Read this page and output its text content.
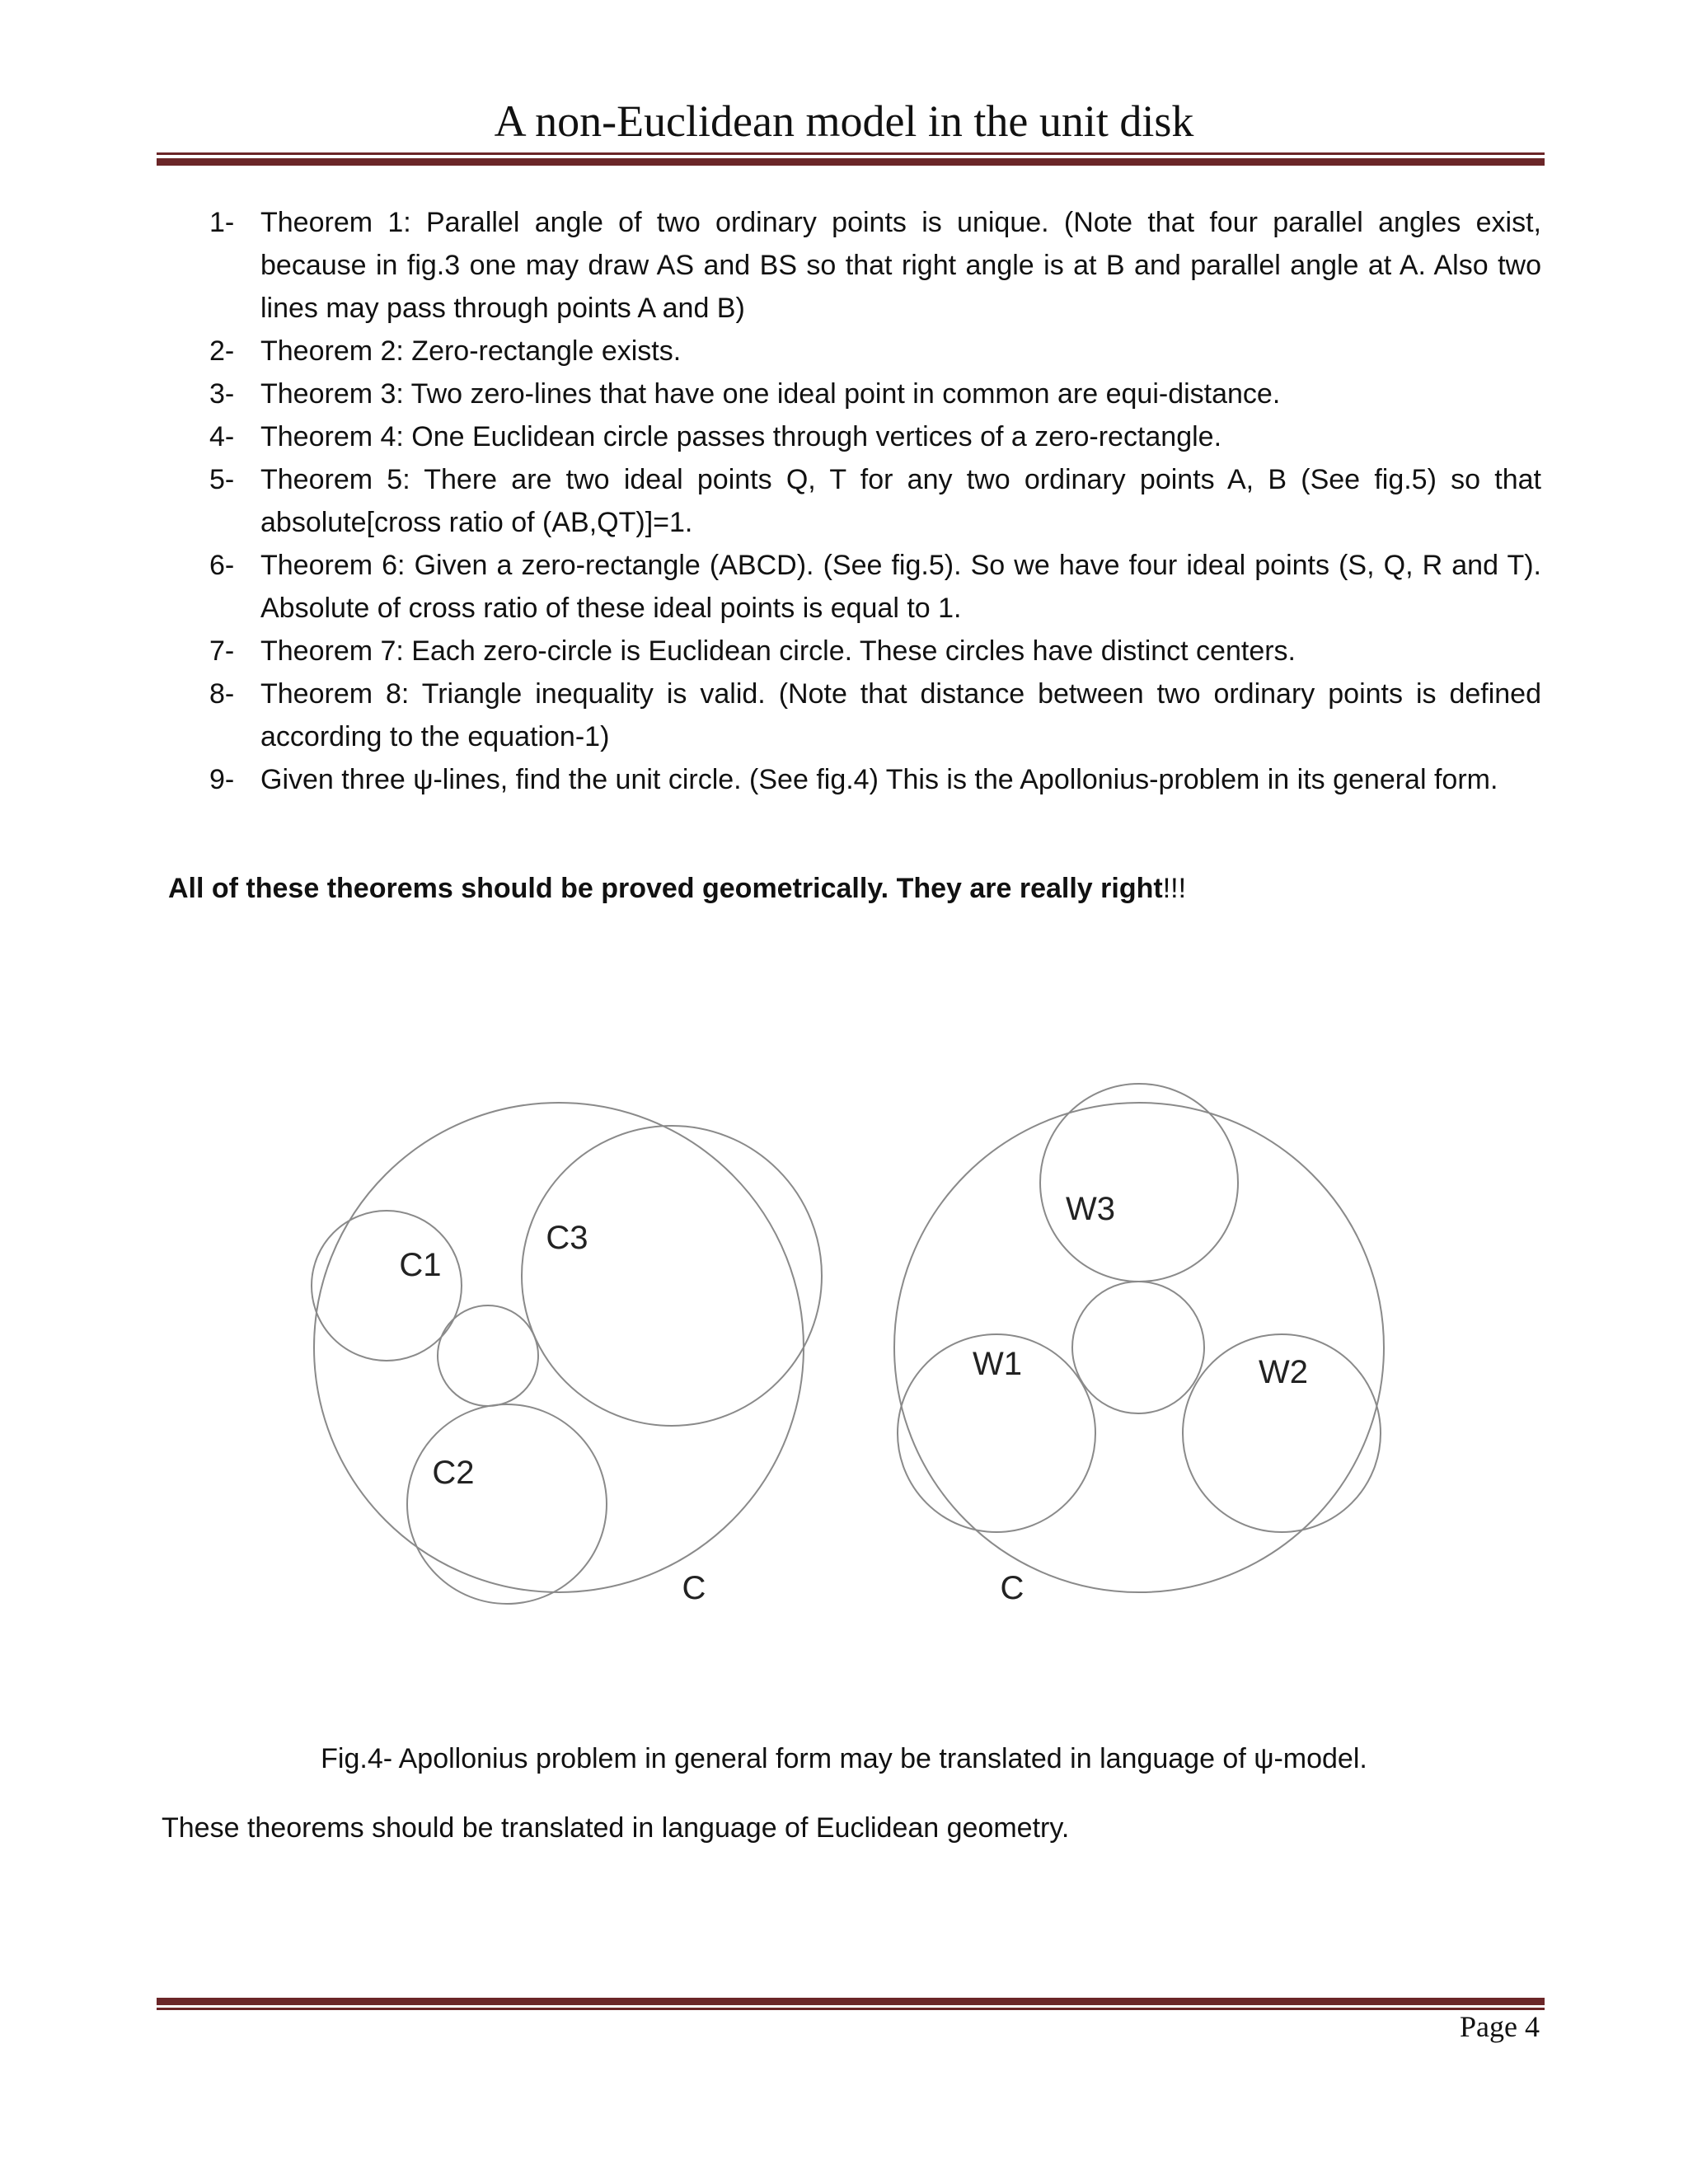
A non-Euclidean model in the unit disk
1- Theorem 1: Parallel angle of two ordinary points is unique. (Note that four parallel angles exist, because in fig.3 one may draw AS and BS so that right angle is at B and parallel angle at A. Also two lines may pass through points A and B)
2- Theorem 2: Zero-rectangle exists.
3- Theorem 3: Two zero-lines that have one ideal point in common are equi-distance.
4- Theorem 4: One Euclidean circle passes through vertices of a zero-rectangle.
5- Theorem 5: There are two ideal points Q, T for any two ordinary points A, B (See fig.5) so that absolute[cross ratio of (AB,QT)]=1.
6- Theorem 6: Given a zero-rectangle (ABCD). (See fig.5). So we have four ideal points (S, Q, R and T). Absolute of cross ratio of these ideal points is equal to 1.
7- Theorem 7: Each zero-circle is Euclidean circle. These circles have distinct centers.
8- Theorem 8: Triangle inequality is valid. (Note that distance between two ordinary points is defined according to the equation-1)
9- Given three ψ-lines, find the unit circle. (See fig.4) This is the Apollonius-problem in its general form.
All of these theorems should be proved geometrically. They are really right!!!
C1
C3
C2
C
W3
W1	W2
C
Fig.4- Apollonius problem in general form may be translated in language of ψ-model.
These theorems should be translated in language of Euclidean geometry.
Page 4
